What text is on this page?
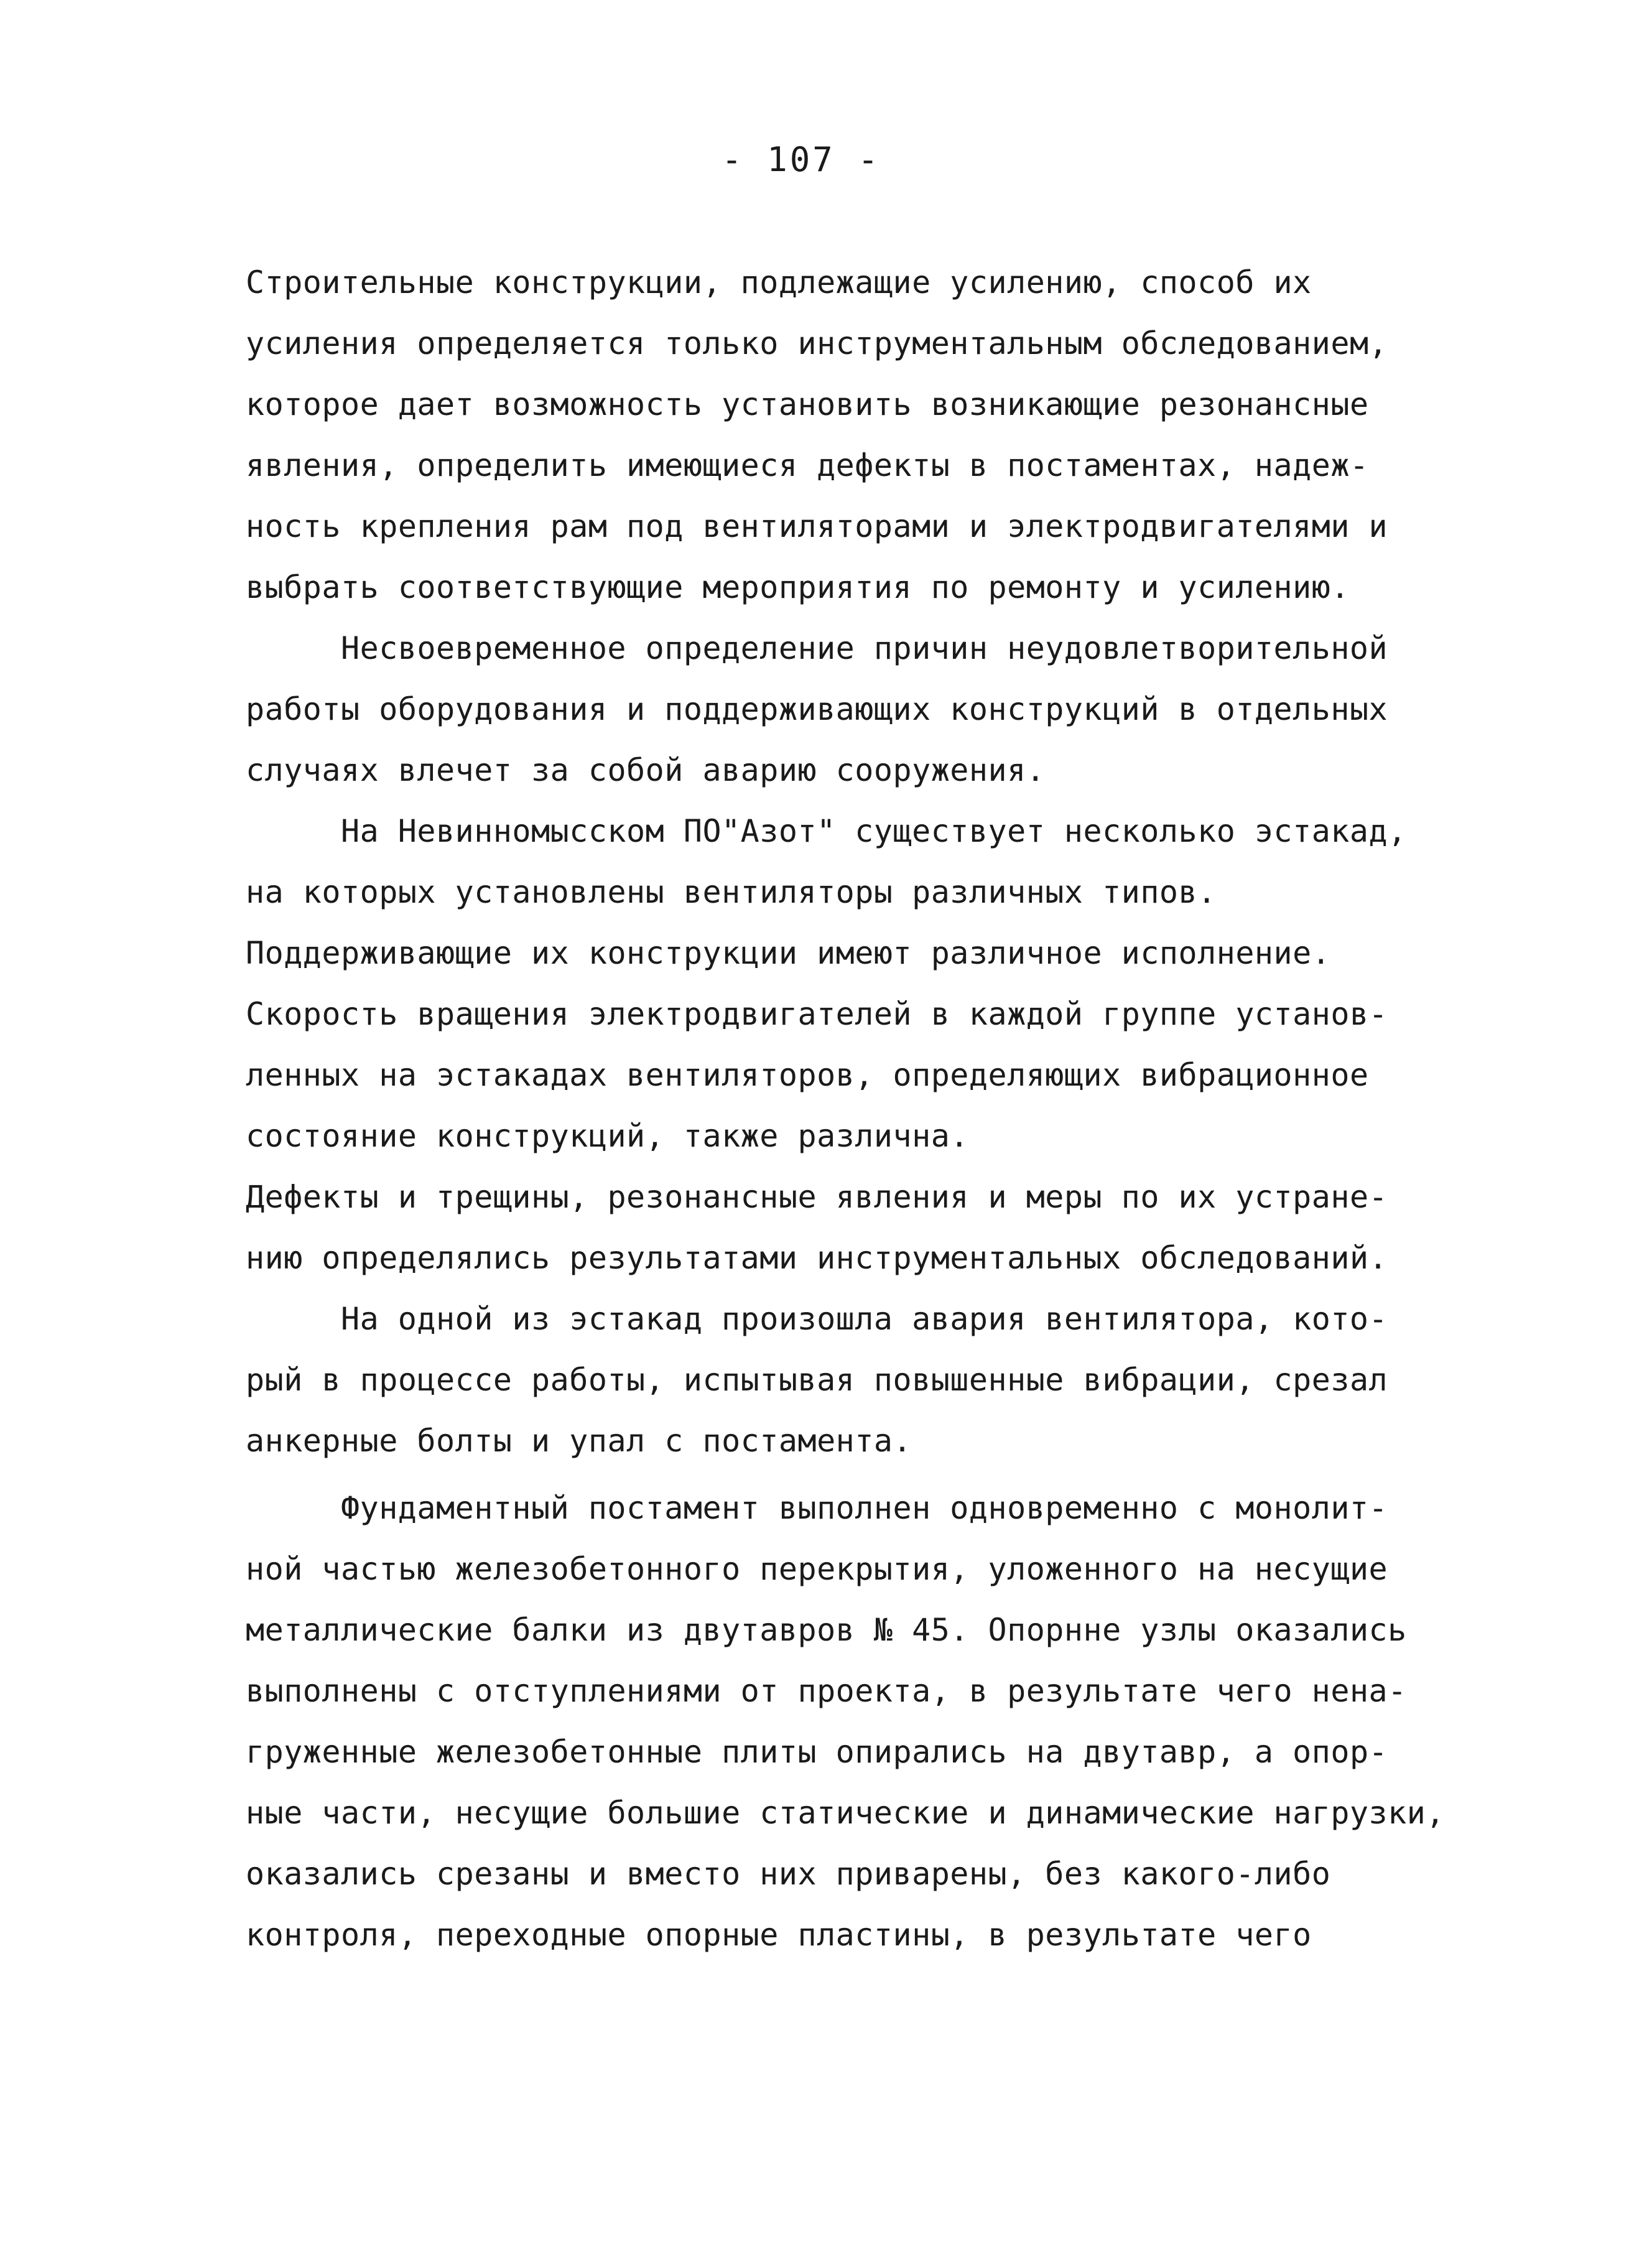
- 107 -
Строительные конструкции, подлежащие усилению, способ их
усиления определяется только инструментальным обследованием,
которое дает возможность установить возникающие резонансные
явления, определить имеющиеся дефекты в постаментах, надеж-
ность крепления рам под вентиляторами и электродвигателями и
выбрать соответствующие мероприятия по ремонту и усилению.
Несвоевременное определение причин неудовлетворительной
работы оборудования и поддерживающих конструкций в отдельных
случаях влечет за собой аварию сооружения.
На Невинномысском ПО"Азот" существует несколько эстакад,
на которых установлены вентиляторы различных типов.
Поддерживающие их конструкции имеют различное исполнение.
Скорость вращения электродвигателей в каждой группе установ-
ленных на эстакадах вентиляторов, определяющих вибрационное
состояние конструкций, также различна.
Дефекты и трещины, резонансные явления и меры по их устране-
нию определялись результатами инструментальных обследований.
На одной из эстакад произошла авария вентилятора, кото-
рый в процессе работы, испытывая повышенные вибрации, срезал
анкерные болты и упал с постамента.
Фундаментный постамент выполнен одновременно с монолит-
ной частью железобетонного перекрытия, уложенного на несущие
металлические балки из двутавров № 45. Опорнне узлы оказались
выполнены с отступлениями от проекта, в результате чего нена-
груженные железобетонные плиты опирались на двутавр, а опор-
ные части, несущие большие статические и динамические нагрузки,
оказались срезаны и вместо них приварены, без какого-либо
контроля, переходные опорные пластины, в результате чего
